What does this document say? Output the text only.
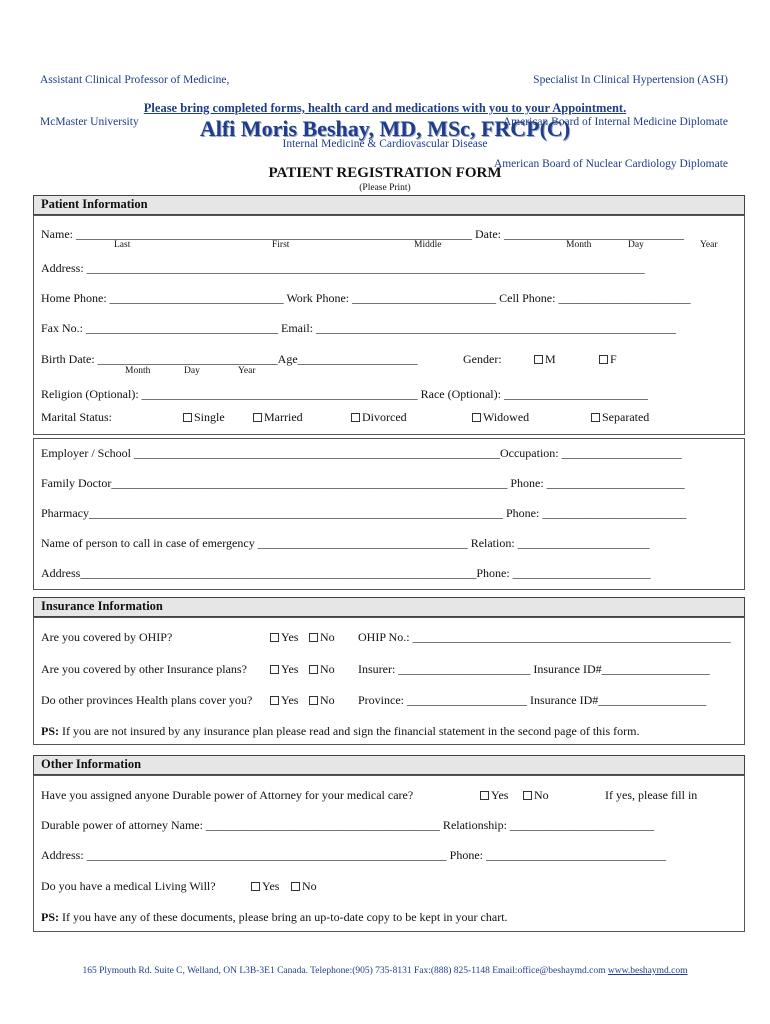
Assistant Clinical Professor of Medicine,

McMaster University

Specialist In Clinical Hypertension (ASH)

American Board of Internal Medicine Diplomate

American Board of Nuclear Cardiology Diplomate

Please bring completed forms, health card and medications with you to your Appointment.
Alfi Moris Beshay, MD, MSc, FRCP(C)
Internal Medicine & Cardiovascular Disease
PATIENT REGISTRATION FORM
(Please Print)
Patient Information
Name: __________________________________________________________________ Date: ______________________________
Last	First	Middle	Month	Day	Year
Address: _____________________________________________________________________________________________
Home Phone: _____________________________ Work Phone: ________________________ Cell Phone: ______________________
Fax No.: ________________________________ Email: ____________________________________________________________
Birth Date: ______________________________Age____________________	Gender:	M	F
Month	Day	Year
Religion (Optional): ______________________________________________ Race (Optional): ________________________
Marital Status:	Single	Married	Divorced	Widowed	Separated
Employer / School _____________________________________________________________Occupation: ____________________
Family Doctor__________________________________________________________________ Phone: _______________________
Pharmacy_____________________________________________________________________ Phone: ________________________
Name of person to call in case of emergency ___________________________________ Relation: ______________________
Address__________________________________________________________________Phone: _______________________
Insurance Information
Are you covered by OHIP?	Yes	No OHIP No.: _____________________________________________________
Are you covered by other Insurance plans?	Yes	No Insurer: ______________________ Insurance ID#__________________
Do other provinces Health plans cover you?	Yes	No Province: ____________________ Insurance ID#__________________
PS: If you are not insured by any insurance plan please read and sign the financial statement in the second page of this form.
Other Information
Have you assigned anyone Durable power of Attorney for your medical care?	Yes	No	If yes, please fill in
Durable power of attorney Name: _______________________________________ Relationship: ________________________
Address: ____________________________________________________________ Phone: ______________________________
Do you have a medical Living Will?	Yes	No
PS: If you have any of these documents, please bring an up-to-date copy to be kept in your chart.
165 Plymouth Rd. Suite C, Welland, ON L3B-3E1 Canada. Telephone:(905) 735-8131 Fax:(888) 825-1148 Email:office@beshaymd.com www.beshaymd.com
